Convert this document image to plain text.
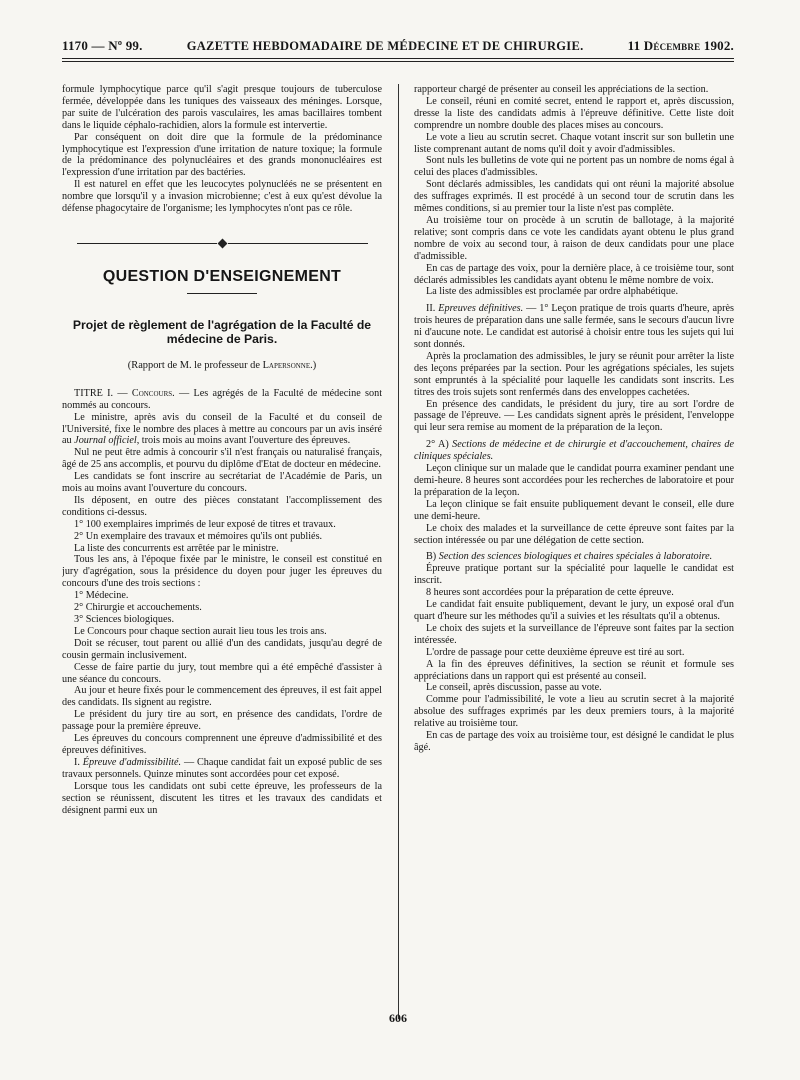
1170 — Nº 99.	GAZETTE HEBDOMADAIRE DE MÉDECINE ET DE CHIRURGIE.	11 Décembre 1902.

formule lymphocytique parce qu'il s'agit presque toujours de tuberculose fermée, développée dans les tuniques des vaisseaux des méninges. Lorsque, par suite de l'ulcération des parois vasculaires, les amas bacillaires tombent dans le liquide céphalo-rachidien, alors la formule est intervertie.

Par conséquent on doit dire que la formule de la prédominance lymphocytique est l'expression d'une irritation de nature toxique; la formule de la prédominance des polynucléaires et des grands mononucléaires est l'expression d'une irritation par des bactéries.

Il est naturel en effet que les leucocytes polynucléés ne se présentent en nombre que lorsqu'il y a invasion microbienne; c'est à eux qu'est dévolue la défense phagocytaire de l'organisme; les lymphocytes n'ont pas ce rôle.

QUESTION D'ENSEIGNEMENT
Projet de règlement de l'agrégation de la Faculté de médecine de Paris.
(Rapport de M. le professeur de Lapersonne.)

TITRE I. — Concours. — Les agrégés de la Faculté de médecine sont nommés au concours.

Le ministre, après avis du conseil de la Faculté et du conseil de l'Université, fixe le nombre des places à mettre au concours par un avis inséré au Journal officiel, trois mois au moins avant l'ouverture des épreuves.

Nul ne peut être admis à concourir s'il n'est français ou naturalisé français, âgé de 25 ans accomplis, et pourvu du diplôme d'Etat de docteur en médecine.

Les candidats se font inscrire au secrétariat de l'Académie de Paris, un mois au moins avant l'ouverture du concours.

Ils déposent, en outre des pièces constatant l'accomplissement des conditions ci-dessus.

1° 100 exemplaires imprimés de leur exposé de titres et travaux.

2° Un exemplaire des travaux et mémoires qu'ils ont publiés.

La liste des concurrents est arrêtée par le ministre.

Tous les ans, à l'époque fixée par le ministre, le conseil est constitué en jury d'agrégation, sous la présidence du doyen pour juger les épreuves du concours d'une des trois sections :

1° Médecine.

2° Chirurgie et accouchements.

3° Sciences biologiques.

Le Concours pour chaque section aurait lieu tous les trois ans.

Doit se récuser, tout parent ou allié d'un des candidats, jusqu'au degré de cousin germain inclusivement.

Cesse de faire partie du jury, tout membre qui a été empêché d'assister à une séance du concours.

Au jour et heure fixés pour le commencement des épreuves, il est fait appel des candidats. Ils signent au registre.

Le président du jury tire au sort, en présence des candidats, l'ordre de passage pour la première épreuve.

Les épreuves du concours comprennent une épreuve d'admissibilité et des épreuves définitives.

I. Épreuve d'admissibilité. — Chaque candidat fait un exposé public de ses travaux personnels. Quinze minutes sont accordées pour cet exposé.

Lorsque tous les candidats ont subi cette épreuve, les professeurs de la section se réunissent, discutent les titres et les travaux des candidats et désignent parmi eux un

rapporteur chargé de présenter au conseil les appréciations de la section.

Le conseil, réuni en comité secret, entend le rapport et, après discussion, dresse la liste des candidats admis à l'épreuve définitive. Cette liste doit comprendre un nombre double des places mises au concours.

Le vote a lieu au scrutin secret. Chaque votant inscrit sur son bulletin une liste comprenant autant de noms qu'il doit y avoir d'admissibles.

Sont nuls les bulletins de vote qui ne portent pas un nombre de noms égal à celui des places d'admissibles.

Sont déclarés admissibles, les candidats qui ont réuni la majorité absolue des suffrages exprimés. Il est procédé à un second tour de scrutin dans les mêmes conditions, si au premier tour la liste n'est pas complète.

Au troisième tour on procède à un scrutin de ballotage, à la majorité relative; sont compris dans ce vote les candidats ayant obtenu le plus grand nombre de voix au second tour, à raison de deux candidats pour une place d'admissible.

En cas de partage des voix, pour la dernière place, à ce troisième tour, sont déclarés admissibles les candidats ayant obtenu le même nombre de voix.

La liste des admissibles est proclamée par ordre alphabétique.

II. Epreuves définitives. — 1° Leçon pratique de trois quarts d'heure, après trois heures de préparation dans une salle fermée, sans le secours d'aucun livre ni d'aucune note. Le candidat est autorisé à choisir entre tous les sujets qui lui sont donnés.

Après la proclamation des admissibles, le jury se réunit pour arrêter la liste des leçons préparées par la section. Pour les agrégations spéciales, les sujets sont empruntés à la spécialité pour laquelle les candidats sont inscrits. Les titres des trois sujets sont renfermés dans des enveloppes cachetées.

En présence des candidats, le président du jury, tire au sort l'ordre de passage de l'épreuve. — Les candidats signent après le président, l'enveloppe qui leur sera remise au moment de la préparation de la leçon.

2° A) Sections de médecine et de chirurgie et d'accouchement, chaires de cliniques spéciales.

Leçon clinique sur un malade que le candidat pourra examiner pendant une demi-heure. 8 heures sont accordées pour les recherches de laboratoire et pour la préparation de la leçon.

La leçon clinique se fait ensuite publiquement devant le conseil, elle dure une demi-heure.

Le choix des malades et la surveillance de cette épreuve sont faites par la section intéressée ou par une délégation de cette section.

B) Section des sciences biologiques et chaires spéciales à laboratoire.

Épreuve pratique portant sur la spécialité pour laquelle le candidat est inscrit.

8 heures sont accordées pour la préparation de cette épreuve.

Le candidat fait ensuite publiquement, devant le jury, un exposé oral d'un quart d'heure sur les méthodes qu'il a suivies et les résultats qu'il a obtenus.

Le choix des sujets et la surveillance de l'épreuve sont faites par la section intéressée.

L'ordre de passage pour cette deuxième épreuve est tiré au sort.

A la fin des épreuves définitives, la section se réunit et formule ses appréciations dans un rapport qui est présenté au conseil.

Le conseil, après discussion, passe au vote.

Comme pour l'admissibilité, le vote a lieu au scrutin secret à la majorité absolue des suffrages exprimés par les deux premiers tours, à la majorité relative au troisième tour.

En cas de partage des voix au troisième tour, est désigné le candidat le plus âgé.

606
